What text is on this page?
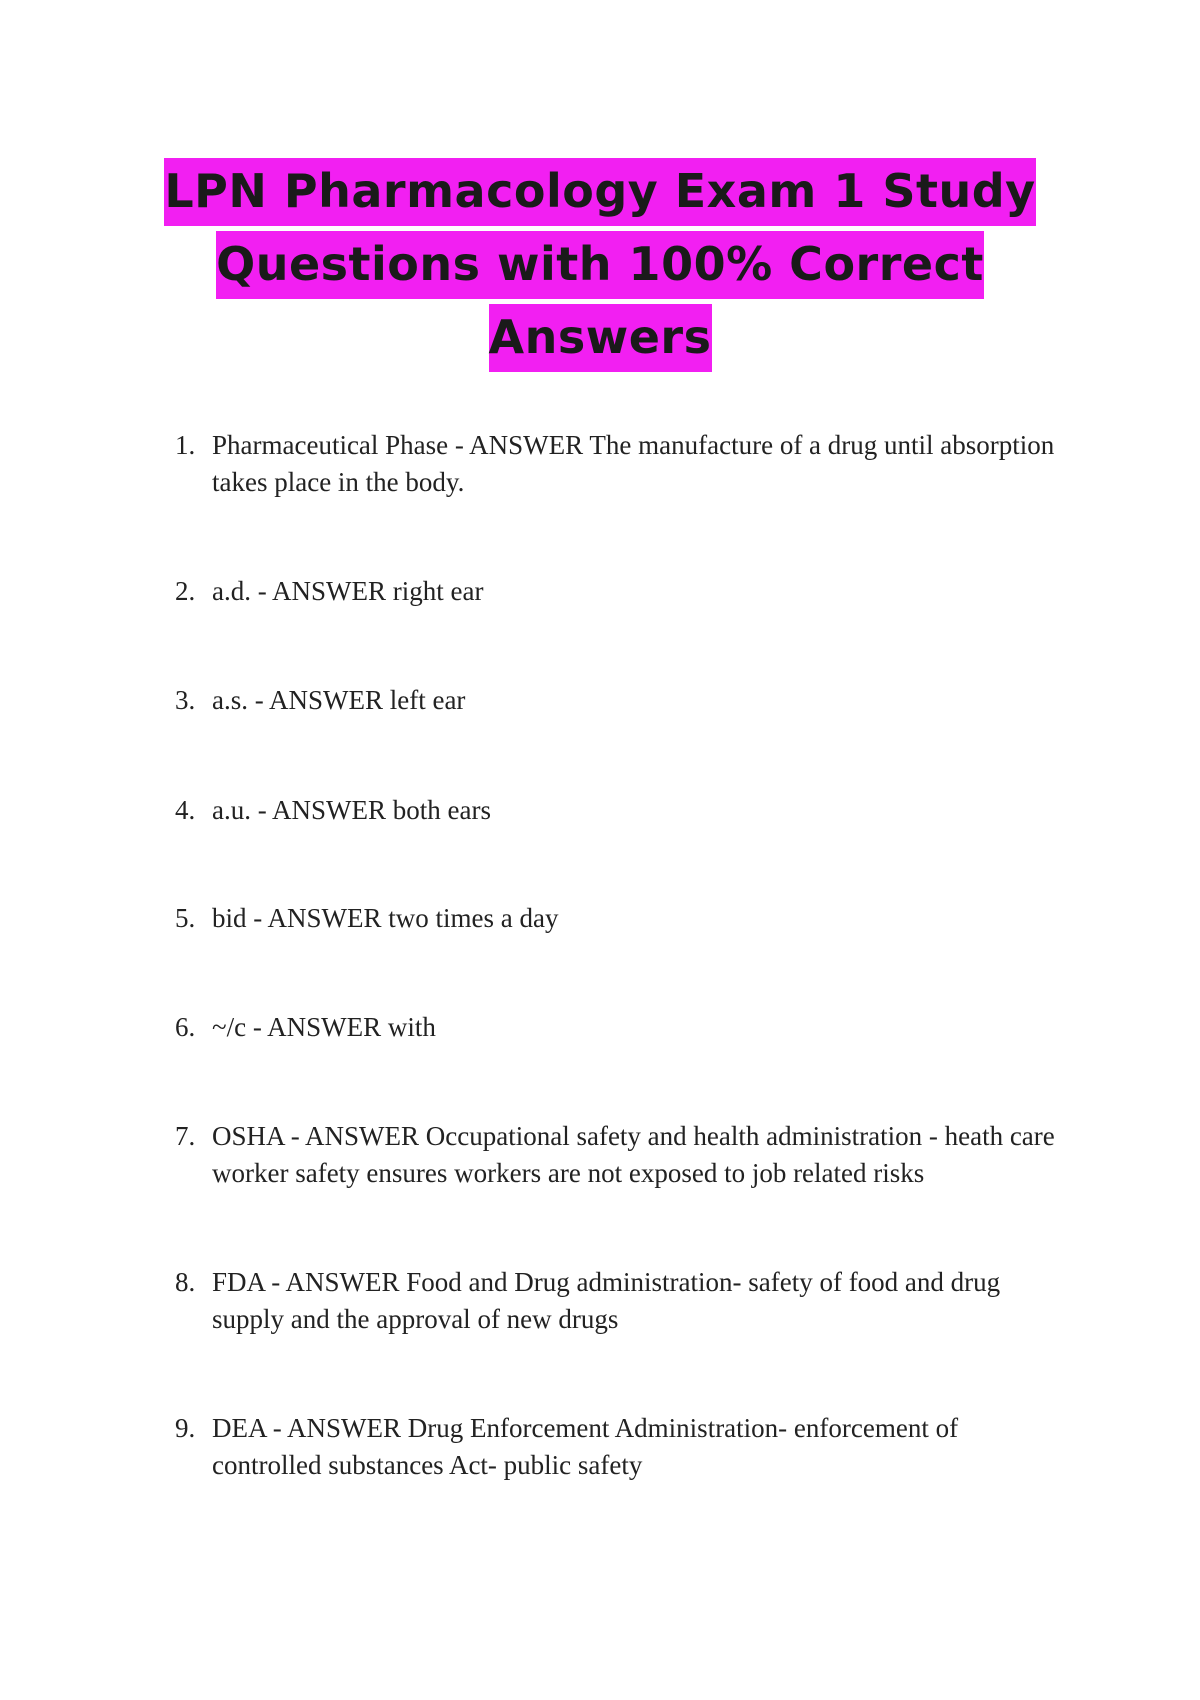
LPN Pharmacology Exam 1 Study Questions with 100% Correct Answers
1. Pharmaceutical Phase - ANSWER The manufacture of a drug until absorption takes place in the body.
2. a.d. - ANSWER right ear
3. a.s. - ANSWER left ear
4. a.u. - ANSWER both ears
5. bid - ANSWER two times a day
6. ~/c - ANSWER with
7. OSHA - ANSWER Occupational safety and health administration - heath care worker safety ensures workers are not exposed to job related risks
8. FDA - ANSWER Food and Drug administration- safety of food and drug supply and the approval of new drugs
9. DEA - ANSWER Drug Enforcement Administration- enforcement of controlled substances Act- public safety
